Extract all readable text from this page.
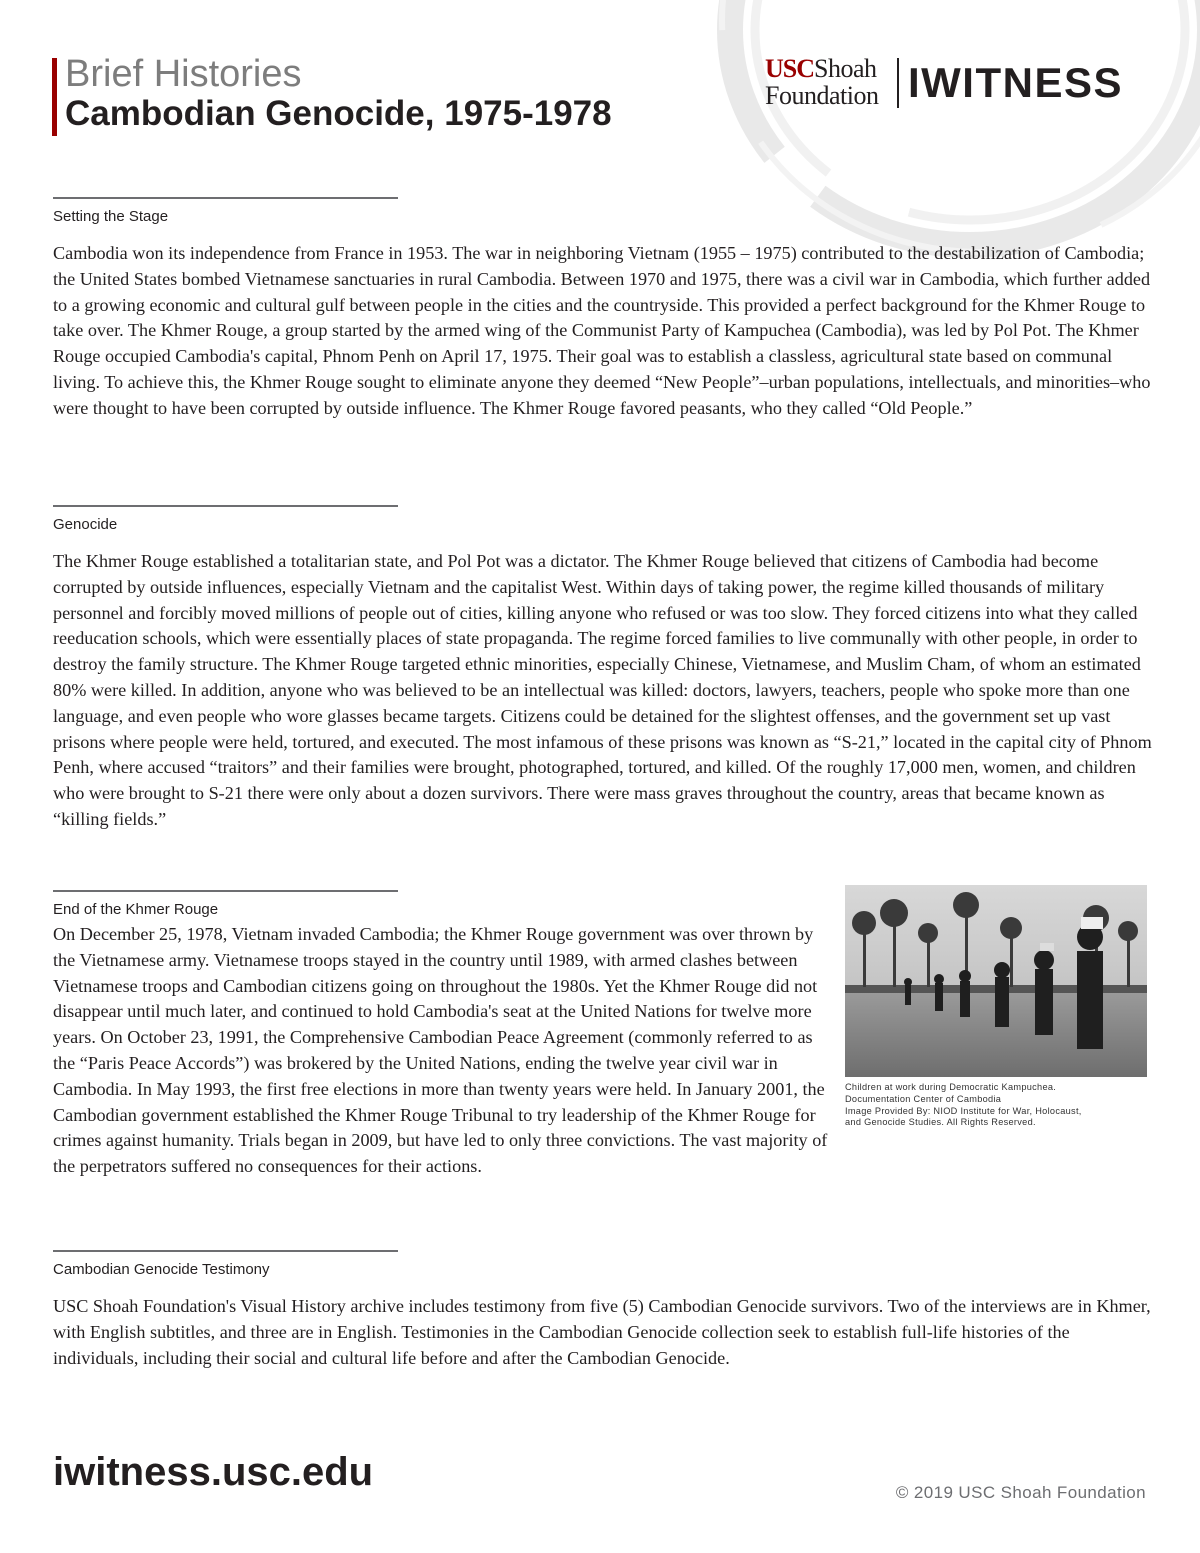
Brief Histories
Cambodian Genocide, 1975-1978
USCShoah
Foundation IWITNESS
Setting the Stage

Cambodia won its independence from France in 1953. The war in neighboring Vietnam (1955 – 1975) contributed to the destabilization of Cambodia; the United States bombed Vietnamese sanctuaries in rural Cambodia. Between 1970 and 1975, there was a civil war in Cambodia, which further added to a growing economic and cultural gulf between people in the cities and the countryside. This provided a perfect background for the Khmer Rouge to take over. The Khmer Rouge, a group started by the armed wing of the Communist Party of Kampuchea (Cambodia), was led by Pol Pot. The Khmer Rouge occupied Cambodia's capital, Phnom Penh on April 17, 1975. Their goal was to establish a classless, agricultural state based on communal living. To achieve this, the Khmer Rouge sought to eliminate anyone they deemed “New People”–urban populations, intellectuals, and minorities–who were thought to have been corrupted by outside influence. The Khmer Rouge favored peasants, who they called “Old People.”

Genocide

The Khmer Rouge established a totalitarian state, and Pol Pot was a dictator. The Khmer Rouge believed that citizens of Cambodia had become corrupted by outside influences, especially Vietnam and the capitalist West. Within days of taking power, the regime killed thousands of military personnel and forcibly moved millions of people out of cities, killing anyone who refused or was too slow. They forced citizens into what they called reeducation schools, which were essentially places of state propaganda. The regime forced families to live communally with other people, in order to destroy the family structure. The Khmer Rouge targeted ethnic minorities, especially Chinese, Vietnamese, and Muslim Cham, of whom an estimated 80% were killed. In addition, anyone who was believed to be an intellectual was killed: doctors, lawyers, teachers, people who spoke more than one language, and even people who wore glasses became targets. Citizens could be detained for the slightest offenses, and the government set up vast prisons where people were held, tortured, and executed. The most infamous of these prisons was known as “S-21,” located in the capital city of Phnom Penh, where accused “traitors” and their families were brought, photographed, tortured, and killed. Of the roughly 17,000 men, women, and children who were brought to S-21 there were only about a dozen survivors. There were mass graves throughout the country, areas that became known as “killing fields.”

End of the Khmer Rouge

On December 25, 1978, Vietnam invaded Cambodia; the Khmer Rouge government was over thrown by the Vietnamese army. Vietnamese troops stayed in the country until 1989, with armed clashes between Vietnamese troops and Cambodian citizens going on throughout the 1980s. Yet the Khmer Rouge did not disappear until much later, and continued to hold Cambodia's seat at the United Nations for twelve more years. On October 23, 1991, the Comprehensive Cambodian Peace Agreement (commonly referred to as the “Paris Peace Accords”) was brokered by the United Nations, ending the twelve year civil war in Cambodia. In May 1993, the first free elections in more than twenty years were held. In January 2001, the Cambodian government established the Khmer Rouge Tribunal to try leadership of the Khmer Rouge for crimes against humanity. Trials began in 2009, but have led to only three convictions. The vast majority of the perpetrators suffered no consequences for their actions.

Children at work during Democratic Kampuchea.
Documentation Center of Cambodia
Image Provided By: NIOD Institute for War, Holocaust,
and Genocide Studies. All Rights Reserved.
Cambodian Genocide Testimony

USC Shoah Foundation's Visual History archive includes testimony from five (5) Cambodian Genocide survivors. Two of the interviews are in Khmer, with English subtitles, and three are in English. Testimonies in the Cambodian Genocide collection seek to establish full-life histories of the individuals, including their social and cultural life before and after the Cambodian Genocide.

iwitness.usc.edu	© 2019 USC Shoah Foundation
